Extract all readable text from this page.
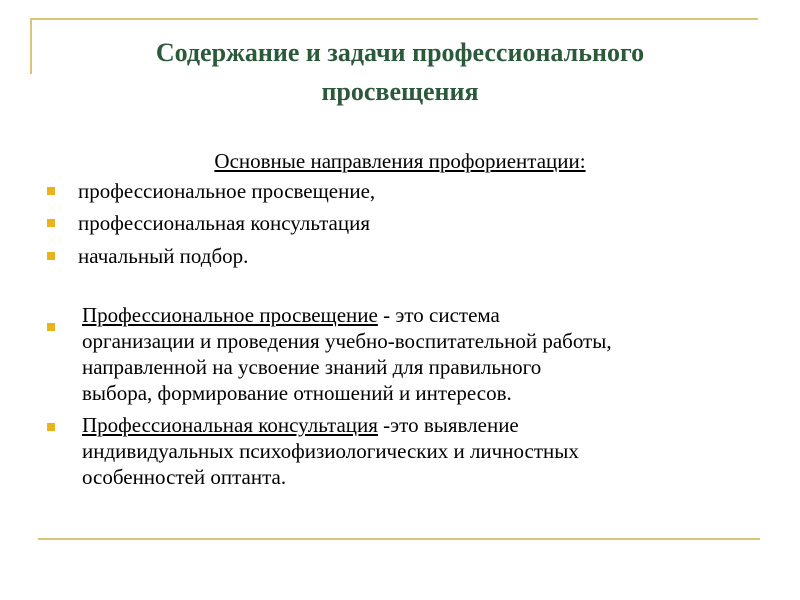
Содержание и задачи профессионального
просвещения
Основные направления профориентации:
профессиональное просвещение,
профессиональная консультация
начальный подбор.
Профессиональное просвещение - это система
организации и проведения учебно-воспитательной работы,
направленной на усвоение знаний для правильного
выбора, формирование отношений и интересов.
Профессиональная консультация -это выявление
индивидуальных психофизиологических и личностных
особенностей оптанта.
